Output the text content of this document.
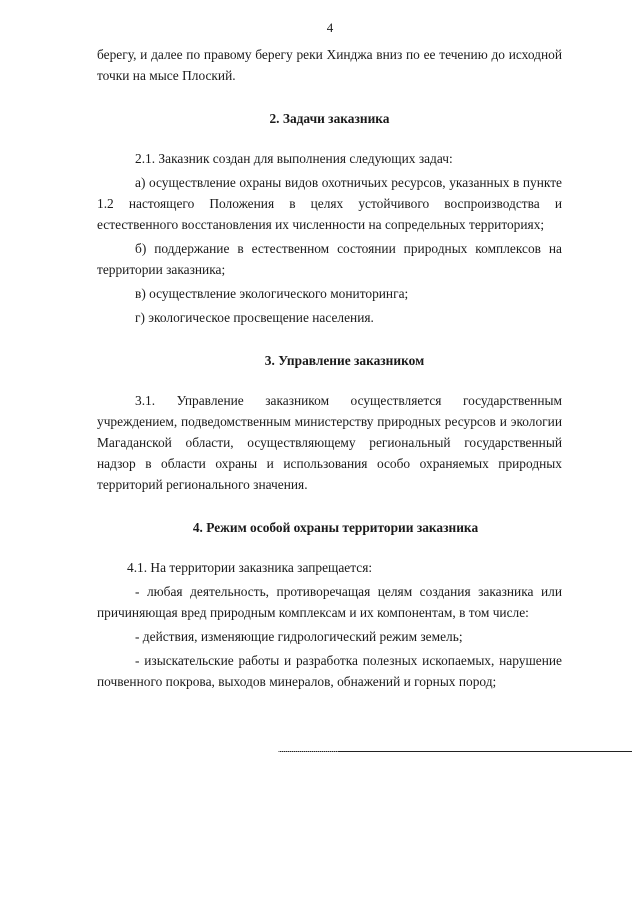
4

берегу, и далее по правому берегу реки Хинджа вниз по ее течению до исходной точки на мысе Плоский.

2. Задачи заказника

2.1. Заказник создан для выполнения следующих задач:

а) осуществление охраны видов охотничьих ресурсов, указанных в пункте 1.2 настоящего Положения в целях устойчивого воспроизводства и естественного восстановления их численности на сопредельных территориях;

б) поддержание в естественном состоянии природных комплексов на территории заказника;

в) осуществление экологического мониторинга;

г) экологическое просвещение населения.

3. Управление заказником

3.1. Управление заказником осуществляется государственным учреждением, подведомственным министерству природных ресурсов и экологии Магаданской области, осуществляющему региональный государственный надзор в области охраны и использования особо охраняемых природных территорий регионального значения.

4. Режим особой охраны территории заказника

4.1. На территории заказника запрещается:

- любая деятельность, противоречащая целям создания заказника или причиняющая вред природным комплексам и их компонентам, в том числе:

- действия, изменяющие гидрологический режим земель;

- изыскательские работы и разработка полезных ископаемых, нарушение почвенного покрова, выходов минералов, обнажений и горных пород;
